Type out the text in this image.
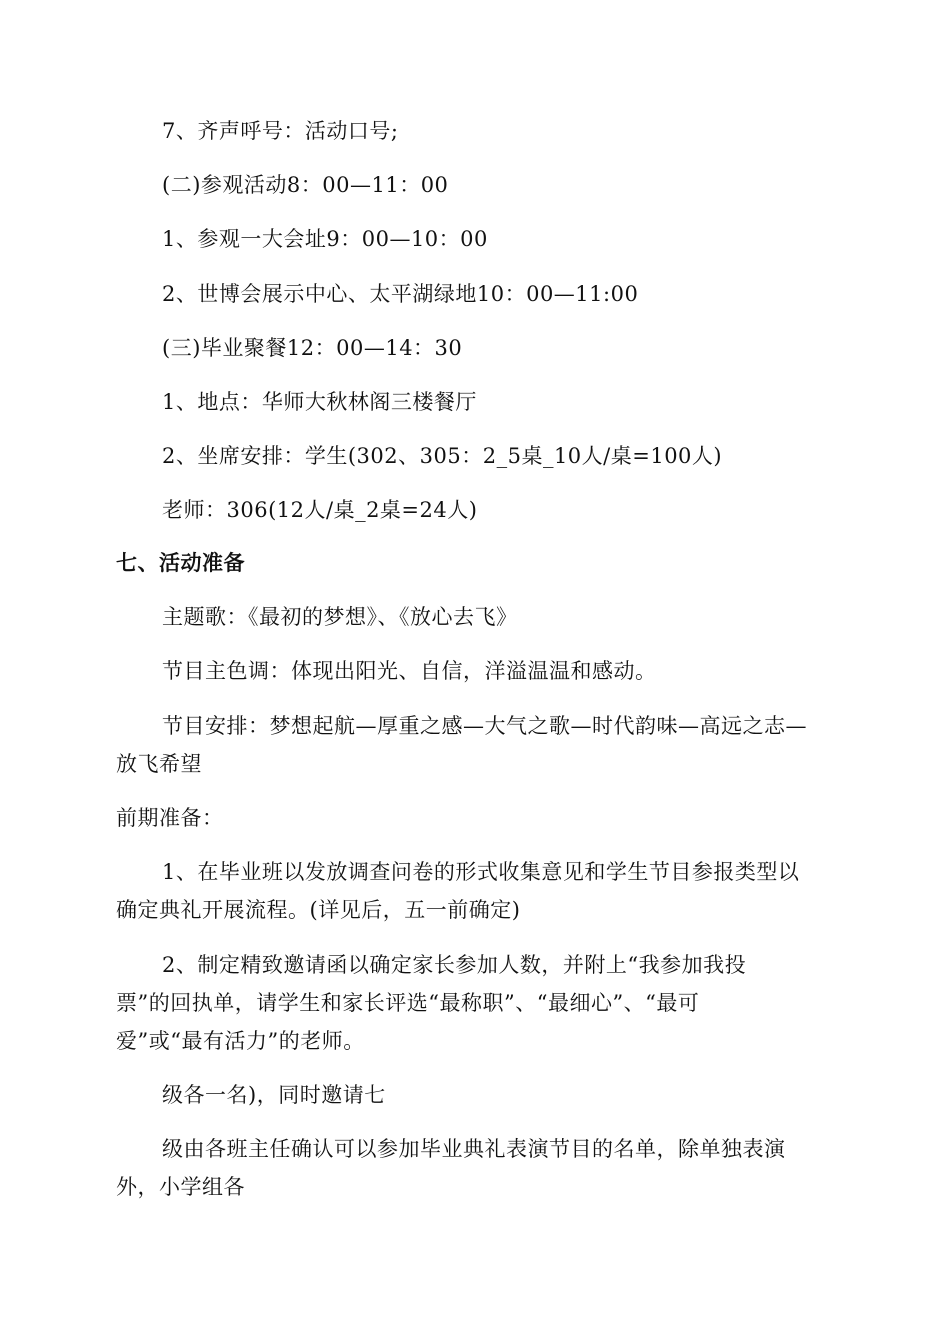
7、齐声呼号：活动口号;
(二)参观活动8：00—11：00
1、参观一大会址9：00—10：00
2、世博会展示中心、太平湖绿地10：00—11:00
(三)毕业聚餐12：00—14：30
1、地点：华师大秋林阁三楼餐厅
2、坐席安排：学生(302、305：2_5桌_10人/桌=100人)
老师：306(12人/桌_2桌=24人)
七、活动准备
主题歌：《最初的梦想》、《放心去飞》
节目主色调：体现出阳光、自信，洋溢温温和感动。
节目安排：梦想起航—厚重之感—大气之歌—时代韵味—高远之志—
放飞希望
前期准备：
1、在毕业班以发放调查问卷的形式收集意见和学生节目参报类型以
确定典礼开展流程。(详见后，五一前确定)
2、制定精致邀请函以确定家长参加人数，并附上“我参加我投
票”的回执单，请学生和家长评选“最称职”、“最细心”、“最可
爱”或“最有活力”的老师。
级各一名)，同时邀请七
级由各班主任确认可以参加毕业典礼表演节目的名单，除单独表演
外，小学组各
